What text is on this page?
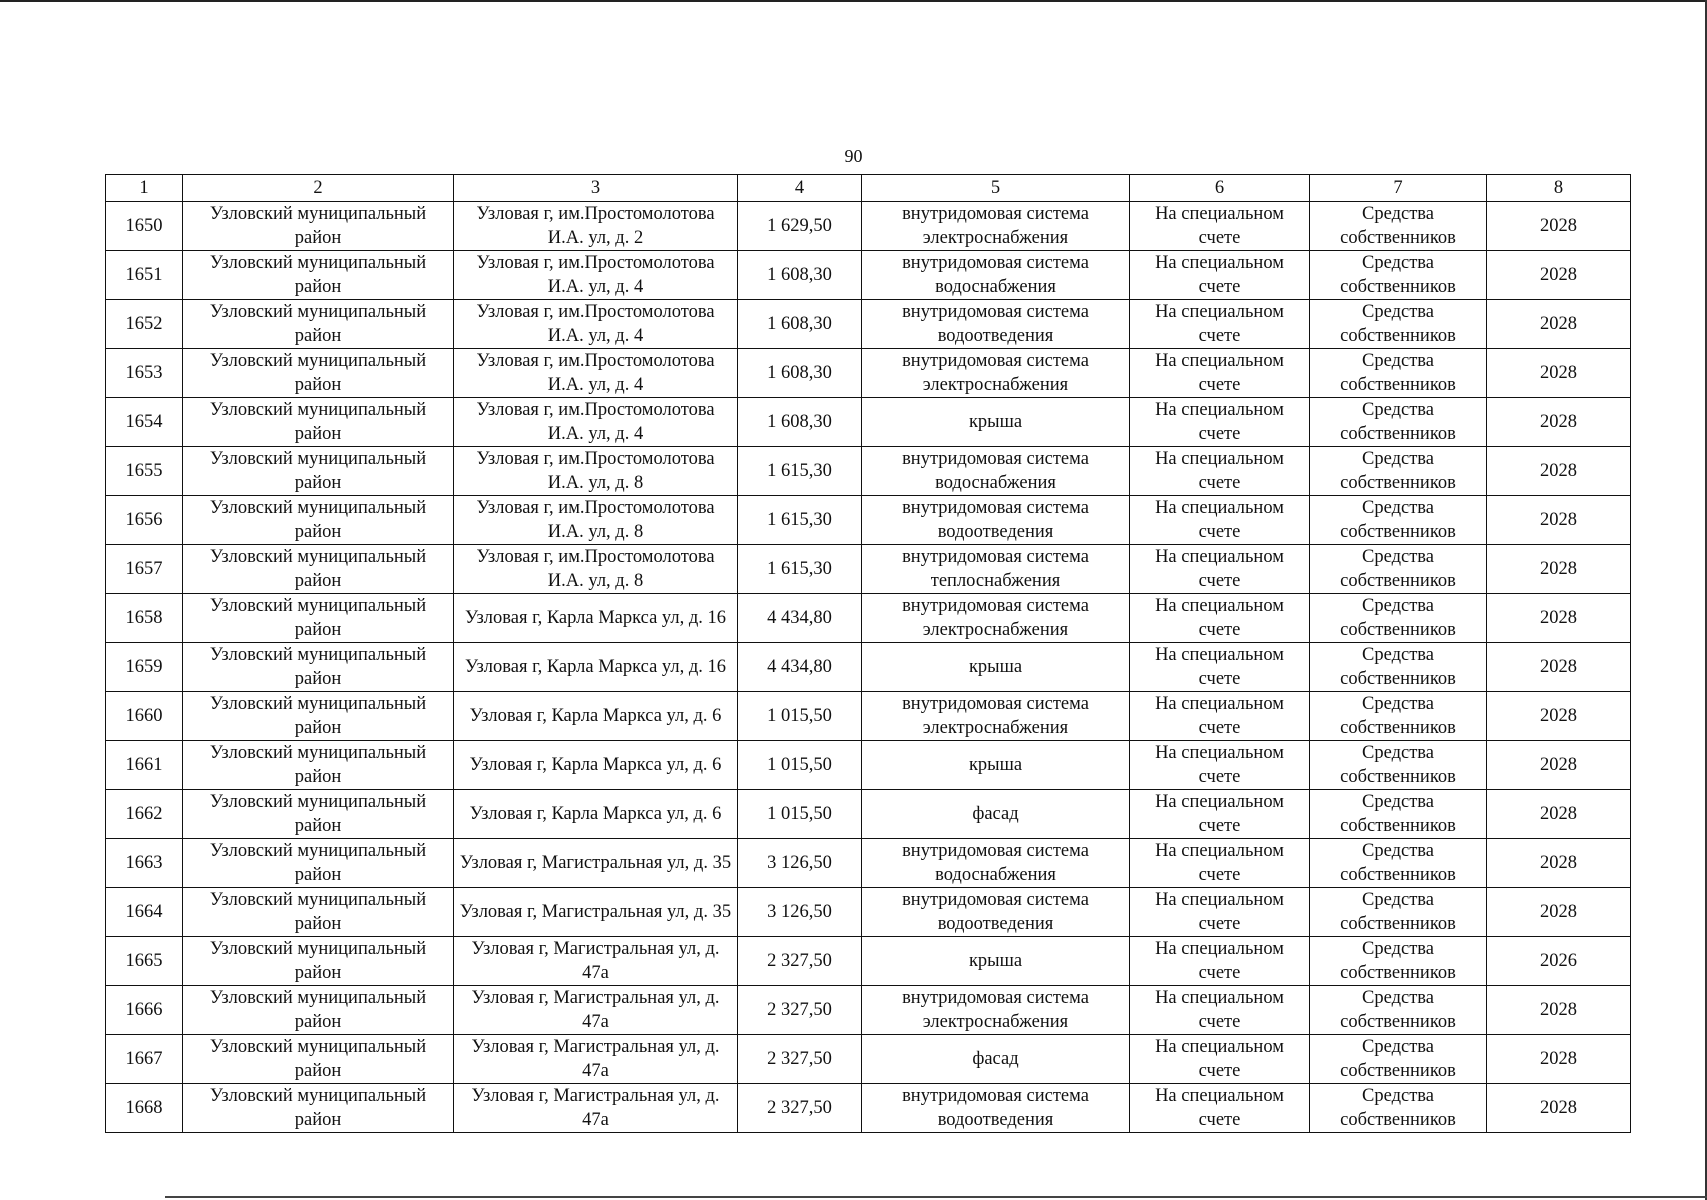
90
1	2	3	4	5	6	7	8
1650	Узловский муниципальный район	Узловая г, им.Простомолотова И.А. ул, д. 2	1 629,50	внутридомовая система электроснабжения	На специальном счете	Средства собственников	2028
1651	Узловский муниципальный район	Узловая г, им.Простомолотова И.А. ул, д. 4	1 608,30	внутридомовая система водоснабжения	На специальном счете	Средства собственников	2028
1652	Узловский муниципальный район	Узловая г, им.Простомолотова И.А. ул, д. 4	1 608,30	внутридомовая система водоотведения	На специальном счете	Средства собственников	2028
1653	Узловский муниципальный район	Узловая г, им.Простомолотова И.А. ул, д. 4	1 608,30	внутридомовая система электроснабжения	На специальном счете	Средства собственников	2028
1654	Узловский муниципальный район	Узловая г, им.Простомолотова И.А. ул, д. 4	1 608,30	крыша	На специальном счете	Средства собственников	2028
1655	Узловский муниципальный район	Узловая г, им.Простомолотова И.А. ул, д. 8	1 615,30	внутридомовая система водоснабжения	На специальном счете	Средства собственников	2028
1656	Узловский муниципальный район	Узловая г, им.Простомолотова И.А. ул, д. 8	1 615,30	внутридомовая система водоотведения	На специальном счете	Средства собственников	2028
1657	Узловский муниципальный район	Узловая г, им.Простомолотова И.А. ул, д. 8	1 615,30	внутридомовая система теплоснабжения	На специальном счете	Средства собственников	2028
1658	Узловский муниципальный район	Узловая г, Карла Маркса ул, д. 16	4 434,80	внутридомовая система электроснабжения	На специальном счете	Средства собственников	2028
1659	Узловский муниципальный район	Узловая г, Карла Маркса ул, д. 16	4 434,80	крыша	На специальном счете	Средства собственников	2028
1660	Узловский муниципальный район	Узловая г, Карла Маркса ул, д. 6	1 015,50	внутридомовая система электроснабжения	На специальном счете	Средства собственников	2028
1661	Узловский муниципальный район	Узловая г, Карла Маркса ул, д. 6	1 015,50	крыша	На специальном счете	Средства собственников	2028
1662	Узловский муниципальный район	Узловая г, Карла Маркса ул, д. 6	1 015,50	фасад	На специальном счете	Средства собственников	2028
1663	Узловский муниципальный район	Узловая г, Магистральная ул, д. 35	3 126,50	внутридомовая система водоснабжения	На специальном счете	Средства собственников	2028
1664	Узловский муниципальный район	Узловая г, Магистральная ул, д. 35	3 126,50	внутридомовая система водоотведения	На специальном счете	Средства собственников	2028
1665	Узловский муниципальный район	Узловая г, Магистральная ул, д. 47а	2 327,50	крыша	На специальном счете	Средства собственников	2026
1666	Узловский муниципальный район	Узловая г, Магистральная ул, д. 47а	2 327,50	внутридомовая система электроснабжения	На специальном счете	Средства собственников	2028
1667	Узловский муниципальный район	Узловая г, Магистральная ул, д. 47а	2 327,50	фасад	На специальном счете	Средства собственников	2028
1668	Узловский муниципальный район	Узловая г, Магистральная ул, д. 47а	2 327,50	внутридомовая система водоотведения	На специальном счете	Средства собственников	2028
